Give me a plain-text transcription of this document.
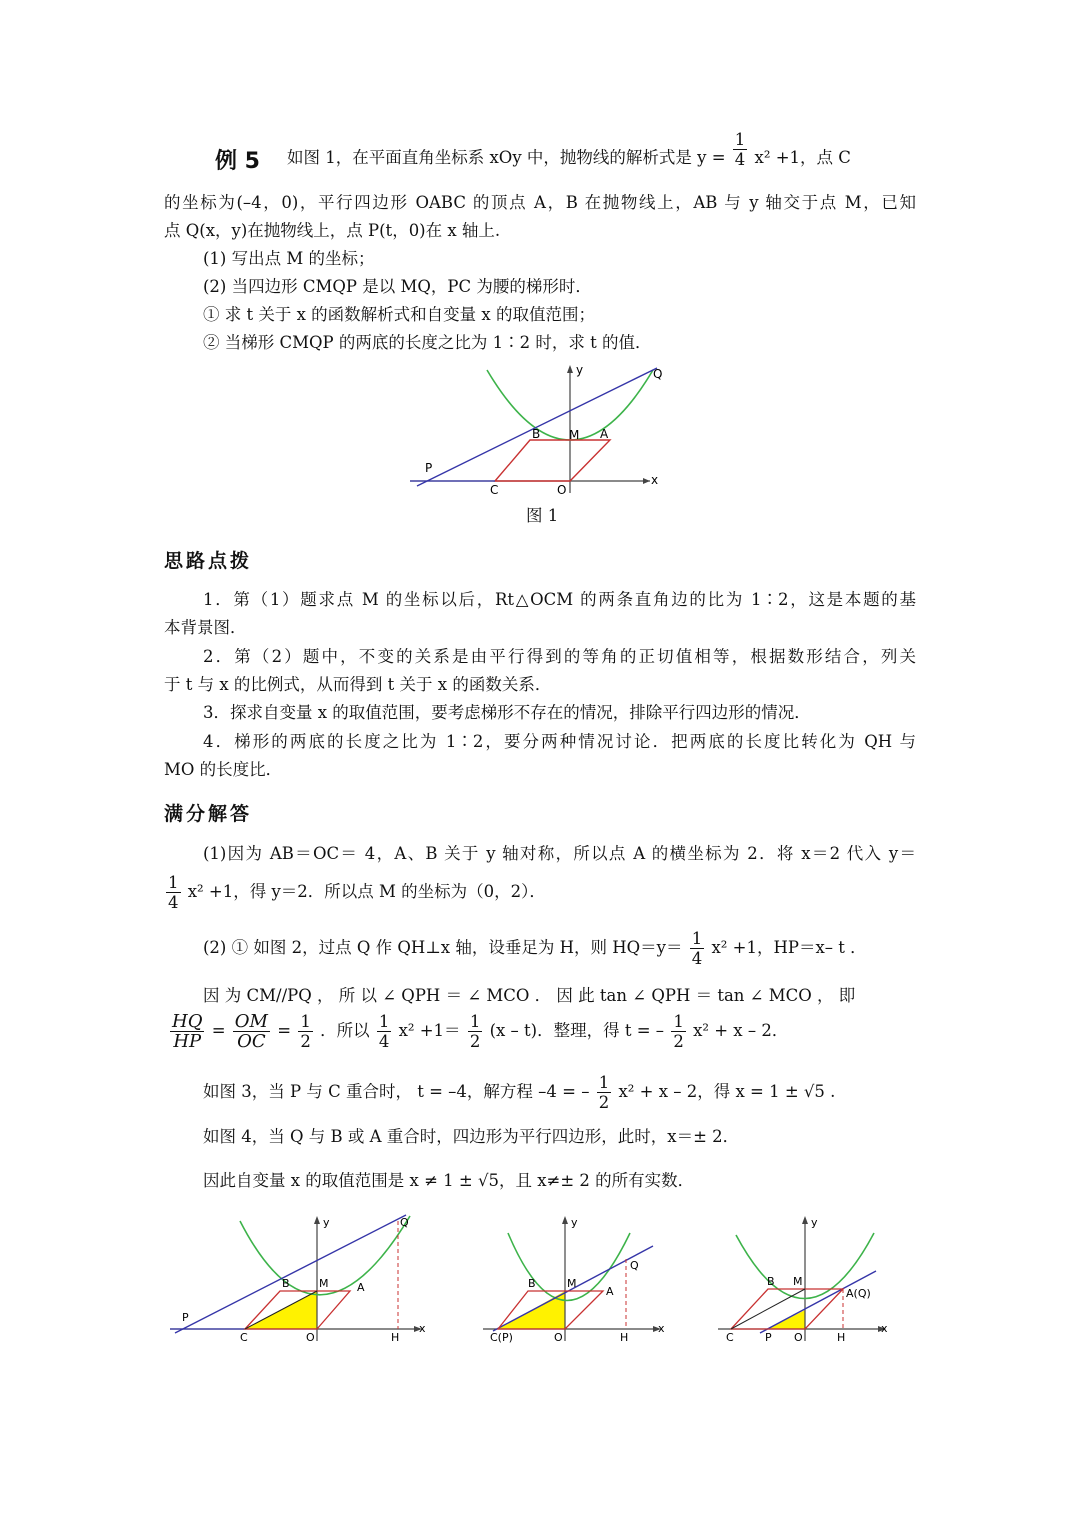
例 5 如图 1，在平面直角坐标系 xOy 中，抛物线的解析式是 $y = \frac{1}{4} x^2 +1$，点 C
的坐标为(–4，0)，平行四边形 OABC 的顶点 A，B 在抛物线上，AB 与 y 轴交于点 M，已知
点 Q(x，y)在抛物线上，点 P(t，0)在 x 轴上.
(1) 写出点 M 的坐标；
(2) 当四边形 CMQP 是以 MQ，PC 为腰的梯形时．
① 求 t 关于 x 的函数解析式和自变量 x 的取值范围；
② 当梯形 CMQP 的两底的长度之比为 1∶2 时，求 t 的值．
y
x
Q
B M A
P
C	O
图 1
思路点拨
1．第（1）题求点 M 的坐标以后，Rt△OCM 的两条直角边的比为 1∶2，这是本题的基
本背景图．
2．第（2）题中，不变的关系是由平行得到的等角的正切值相等，根据数形结合，列关
于 t 与 x 的比例式，从而得到 t 关于 x 的函数关系．
3．探求自变量 x 的取值范围，要考虑梯形不存在的情况，排除平行四边形的情况．
4．梯形的两底的长度之比为 1∶2，要分两种情况讨论．把两底的长度比转化为 QH 与
MO 的长度比．
满分解答
(1)因为 AB＝OC＝ 4，A、B 关于 y 轴对称，所以点 A 的横坐标为 2．将 x＝2 代入 y＝
$\frac{1}{4} x^2 +1$，得 y＝2．所以点 M 的坐标为（0，2）．
(2) ① 如图 2，过点 Q 作 QH⊥x 轴，设垂足为 H，则 $HQ=y= \frac{1}{4} x^2 +1$，HP＝x– t ．
因 为 CM//PQ ， 所 以 ∠ QPH ＝ ∠ MCO ． 因 此 tan ∠ QPH ＝ tan ∠ MCO ， 即
$\frac{HQ}{HP} = \frac{OM}{OC} = \frac{1}{2}$ ．所以 $\frac{1}{4} x^2 +1= \frac{1}{2} (x - t)$．整理，得 t = – $\frac{1}{2} x^2 + x - 2$．
如图 3，当 P 与 C 重合时， t = –4，解方程 –4 = – $\frac{1}{2} x^2 + x - 2$，得 x = 1 ± √5 .
如图 4，当 Q 与 B 或 A 重合时，四边形为平行四边形，此时，x＝± 2．
因此自变量 x 的取值范围是 x ≠ 1 ± √5，且 x≠± 2 的所有实数．
y
x
Q
B	M	A
P
C	O	H
y
x
Q
B	M
A
C(P)	O	H
y
x
B M
A(Q)
C	P O	H
